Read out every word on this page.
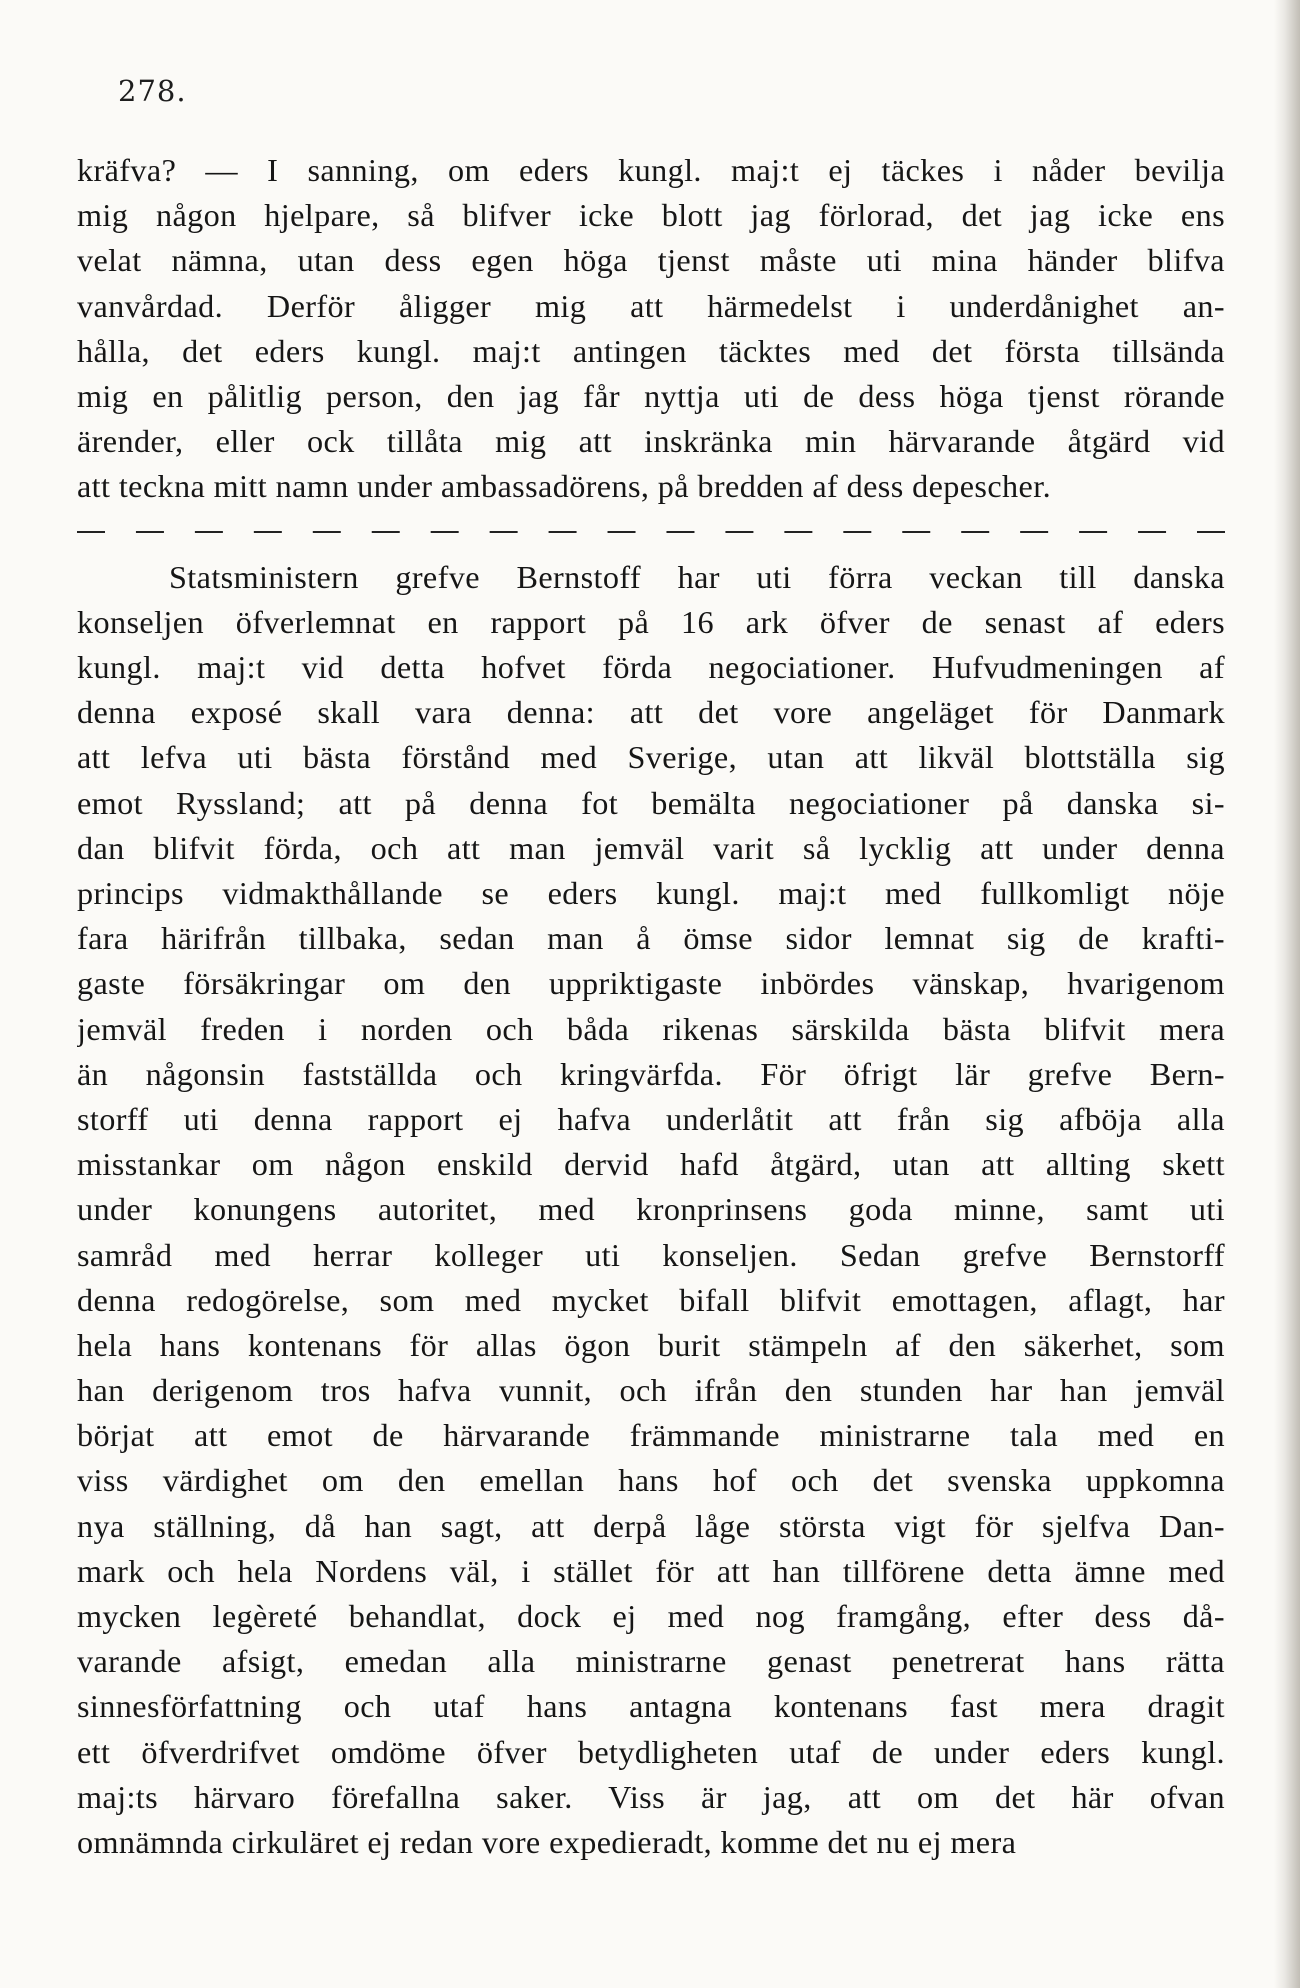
278.

kräfva? — I sanning, om eders kungl. maj:t ej täckes i nåder bevilja

mig någon hjelpare, så blifver icke blott jag förlorad, det jag icke ens

velat nämna, utan dess egen höga tjenst måste uti mina händer blifva

vanvårdad. Derför åligger mig att härmedelst i underdånighet an-

hålla, det eders kungl. maj:t antingen täcktes med det första tillsända

mig en pålitlig person, den jag får nyttja uti de dess höga tjenst rörande

ärender, eller ock tillåta mig att inskränka min härvarande åtgärd vid

att teckna mitt namn under ambassadörens, på bredden af dess depescher.

Statsministern grefve Bernstoff har uti förra veckan till danska

konseljen öfverlemnat en rapport på 16 ark öfver de senast af eders

kungl. maj:t vid detta hofvet förda negociationer. Hufvudmeningen af

denna exposé skall vara denna: att det vore angeläget för Danmark

att lefva uti bästa förstånd med Sverige, utan att likväl blottställa sig

emot Ryssland; att på denna fot bemälta negociationer på danska si-

dan blifvit förda, och att man jemväl varit så lycklig att under denna

princips vidmakthållande se eders kungl. maj:t med fullkomligt nöje

fara härifrån tillbaka, sedan man å ömse sidor lemnat sig de krafti-

gaste försäkringar om den uppriktigaste inbördes vänskap, hvarigenom

jemväl freden i norden och båda rikenas särskilda bästa blifvit mera

än någonsin fastställda och kringvärfda. För öfrigt lär grefve Bern-

storff uti denna rapport ej hafva underlåtit att från sig afböja alla

misstankar om någon enskild dervid hafd åtgärd, utan att allting skett

under konungens autoritet, med kronprinsens goda minne, samt uti

samråd med herrar kolleger uti konseljen. Sedan grefve Bernstorff

denna redogörelse, som med mycket bifall blifvit emottagen, aflagt, har

hela hans kontenans för allas ögon burit stämpeln af den säkerhet, som

han derigenom tros hafva vunnit, och ifrån den stunden har han jemväl

börjat att emot de härvarande främmande ministrarne tala med en

viss värdighet om den emellan hans hof och det svenska uppkomna

nya ställning, då han sagt, att derpå låge största vigt för sjelfva Dan-

mark och hela Nordens väl, i stället för att han tillförene detta ämne med

mycken legèreté behandlat, dock ej med nog framgång, efter dess då-

varande afsigt, emedan alla ministrarne genast penetrerat hans rätta

sinnesförfattning och utaf hans antagna kontenans fast mera dragit

ett öfverdrifvet omdöme öfver betydligheten utaf de under eders kungl.

maj:ts härvaro förefallna saker. Viss är jag, att om det här ofvan

omnämnda cirkuläret ej redan vore expedieradt, komme det nu ej mera
